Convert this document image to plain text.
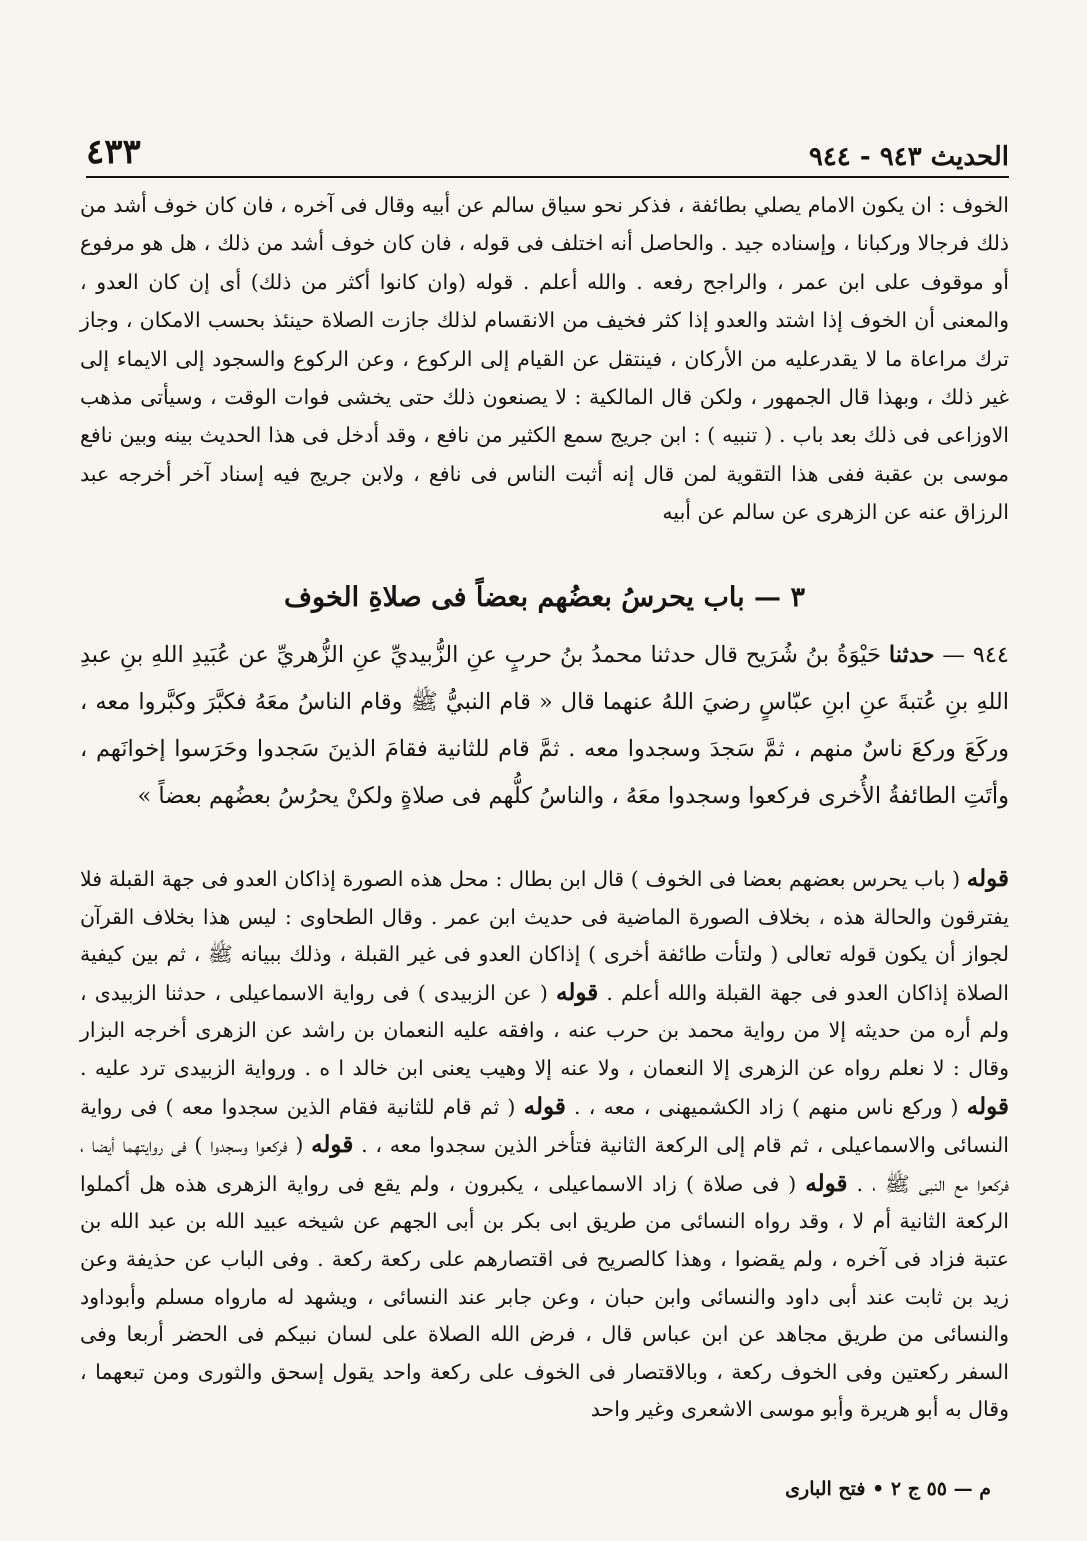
الحديث ٩٤٣ - ٩٤٤
٤٣٣

الخوف : ان يكون الامام يصلي بطائفة ، فذكر نحو سياق سالم عن أبيه وقال فى آخره ، فان كان خوف أشد من ذلك فرجالا وركبانا ، وإسناده جيد . والحاصل أنه اختلف فى قوله ، فان كان خوف أشد من ذلك ، هل هو مرفوع أو موقوف على ابن عمر ، والراجح رفعه . والله أعلم . قوله (وان كانوا أكثر من ذلك) أى إن كان العدو ، والمعنى أن الخوف إذا اشتد والعدو إذا كثر فخيف من الانقسام لذلك جازت الصلاة حينئذ بحسب الامكان ، وجاز ترك مراعاة ما لا يقدرعليه من الأركان ، فينتقل عن القيام إلى الركوع ، وعن الركوع والسجود إلى الايماء إلى غير ذلك ، وبهذا قال الجمهور ، ولكن قال المالكية : لا يصنعون ذلك حتى يخشى فوات الوقت ، وسيأتى مذهب الاوزاعى فى ذلك بعد باب . ( تنبيه ) : ابن جريج سمع الكثير من نافع ، وقد أدخل فى هذا الحديث بينه وبين نافع موسى بن عقبة ففى هذا التقوية لمن قال إنه أثبت الناس فى نافع ، ولابن جريج فيه إسناد آخر أخرجه عبد الرزاق عنه عن الزهرى عن سالم عن أبيه

٣ — باب يحرسُ بعضُهم بعضاً فى صلاةِ الخوف

٩٤٤ — حدثنا حَيْوَةُ بنُ شُرَيح قال حدثنا محمدُ بنُ حربٍ عنِ الزُّبيديِّ عنِ الزُّهريِّ عن عُبَيدِ اللهِ بنِ عبدِ اللهِ بنِ عُتبةَ عنِ ابنِ عبّاسٍ رضيَ اللهُ عنهما قال « قام النبيُّ ﷺ وقام الناسُ معَهُ فكبَّرَ وكبَّروا معه ، وركَعَ وركعَ ناسٌ منهم ، ثمَّ سَجدَ وسجدوا معه . ثمَّ قام للثانية فقامَ الذينَ سَجدوا وحَرَسوا إخوانَهم ، وأتَتِ الطائفةُ الأُخرى فركعوا وسجدوا معَهُ ، والناسُ كلُّهم فى صلاةٍ ولكنْ يحرُسُ بعضُهم بعضاً »

قوله ( باب يحرس بعضهم بعضا فى الخوف ) قال ابن بطال : محل هذه الصورة إذاكان العدو فى جهة القبلة فلا يفترقون والحالة هذه ، بخلاف الصورة الماضية فى حديث ابن عمر . وقال الطحاوى : ليس هذا بخلاف القرآن لجواز أن يكون قوله تعالى ( ولتأت طائفة أخرى ) إذاكان العدو فى غير القبلة ، وذلك ببيانه ﷺ ، ثم بين كيفية الصلاة إذاكان العدو فى جهة القبلة والله أعلم . قوله ( عن الزبيدى ) فى رواية الاسماعيلى ، حدثنا الزبيدى ، ولم أره من حديثه إلا من رواية محمد بن حرب عنه ، وافقه عليه النعمان بن راشد عن الزهرى أخرجه البزار وقال : لا نعلم رواه عن الزهرى إلا النعمان ، ولا عنه إلا وهيب يعنى ابن خالد ا ه . ورواية الزبيدى ترد عليه . قوله ( وركع ناس منهم ) زاد الكشميهنى ، معه ، . قوله ( ثم قام للثانية فقام الذين سجدوا معه ) فى رواية النسائى والاسماعيلى ، ثم قام إلى الركعة الثانية فتأخر الذين سجدوا معه ، . قوله ( فركعوا وسجدوا ) فى روايتهما أيضا ، فركعوا مع النبى ﷺ ، . قوله ( فى صلاة ) زاد الاسماعيلى ، يكبرون ، ولم يقع فى رواية الزهرى هذه هل أكملوا الركعة الثانية أم لا ، وقد رواه النسائى من طريق ابى بكر بن أبى الجهم عن شيخه عبيد الله بن عبد الله بن عتبة فزاد فى آخره ، ولم يقضوا ، وهذا كالصريح فى اقتصارهم على ركعة ركعة . وفى الباب عن حذيفة وعن زيد بن ثابت عند أبى داود والنسائى وابن حبان ، وعن جابر عند النسائى ، ويشهد له مارواه مسلم وأبوداود والنسائى من طريق مجاهد عن ابن عباس قال ، فرض الله الصلاة على لسان نبيكم فى الحضر أربعا وفى السفر ركعتين وفى الخوف ركعة ، وبالاقتصار فى الخوف على ركعة واحد يقول إسحق والثورى ومن تبعهما ، وقال به أبو هريرة وأبو موسى الاشعرى وغير واحد

م — ٥٥ ج ٢ • فتح البارى
